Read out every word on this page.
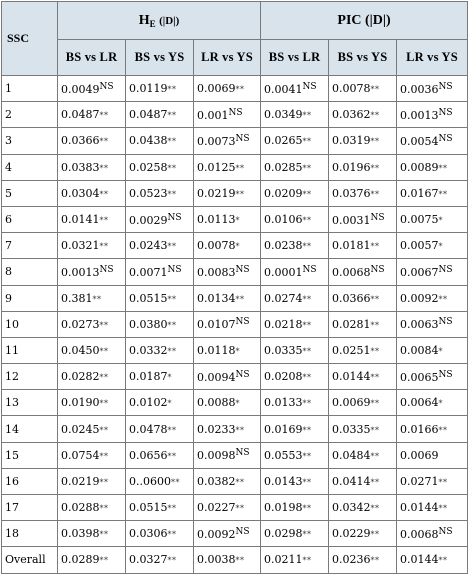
SSC	$H_E$ (|D|)			PIC (|D|)		
	BS vs LR	BS vs YS	LR vs YS	BS vs LR	BS vs YS	LR vs YS
1	$0.0049^{NS}$	0.0119**	0.0069**	$0.0041^{NS}$	0.0078**	$0.0036^{NS}$
2	0.0487**	0.0487**	$0.001^{NS}$	0.0349**	0.0362**	$0.0013^{NS}$
3	0.0366**	0.0438**	$0.0073^{NS}$	0.0265**	0.0319**	$0.0054^{NS}$
4	0.0383**	0.0258**	0.0125**	0.0285**	0.0196**	0.0089**
5	0.0304**	0.0523**	0.0219**	0.0209**	0.0376**	0.0167**
6	0.0141**	$0.0029^{NS}$	0.0113*	0.0106**	$0.0031^{NS}$	0.0075*
7	0.0321**	0.0243**	0.0078*	0.0238**	0.0181**	0.0057*
8	$0.0013^{NS}$	$0.0071^{NS}$	$0.0083^{NS}$	$0.0001^{NS}$	$0.0068^{NS}$	$0.0067^{NS}$
9	0.381**	0.0515**	0.0134**	0.0274**	0.0366**	0.0092**
10	0.0273**	0.0380**	$0.0107^{NS}$	0.0218**	0.0281**	$0.0063^{NS}$
11	0.0450**	0.0332**	0.0118*	0.0335**	0.0251**	0.0084*
12	0.0282**	0.0187*	$0.0094^{NS}$	0.0208**	0.0144**	$0.0065^{NS}$
13	0.0190**	0.0102*	0.0088*	0.0133**	0.0069**	0.0064*
14	0.0245**	0.0478**	0.0233**	0.0169**	0.0335**	0.0166**
15	0.0754**	0.0656**	$0.0098^{NS}$	0.0553**	0.0484**	0.0069
16	0.0219**	0..0600**	0.0382**	0.0143**	0.0414**	0.0271**
17	0.0288**	0.0515**	0.0227**	0.0198**	0.0342**	0.0144**
18	0.0398**	0.0306**	$0.0092^{NS}$	0.0298**	0.0229**	$0.0068^{NS}$
Overall	0.0289**	0.0327**	0.0038**	0.0211**	0.0236**	0.0144**
